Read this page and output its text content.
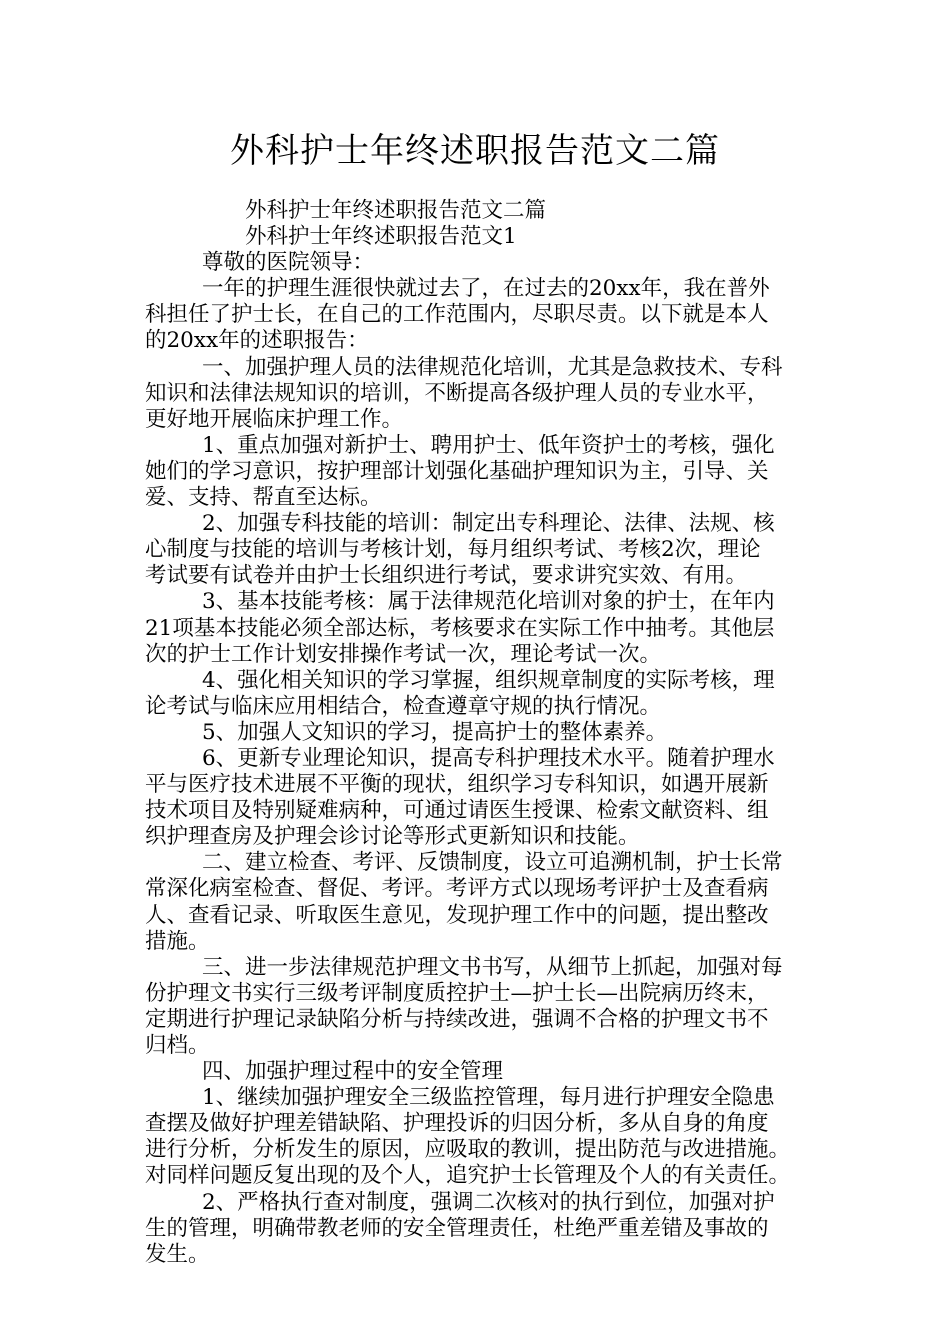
外科护士年终述职报告范文二篇
外科护士年终述职报告范文二篇
外科护士年终述职报告范文1
尊敬的医院领导：
一年的护理生涯很快就过去了，在过去的20xx年，我在普外
科担任了护士长，在自己的工作范围内，尽职尽责。以下就是本人
的20xx年的述职报告：
一、加强护理人员的法律规范化培训，尤其是急救技术、专科
知识和法律法规知识的培训，不断提高各级护理人员的专业水平，
更好地开展临床护理工作。
1、重点加强对新护士、聘用护士、低年资护士的考核，强化
她们的学习意识，按护理部计划强化基础护理知识为主，引导、关
爱、支持、帮直至达标。
2、加强专科技能的培训：制定出专科理论、法律、法规、核
心制度与技能的培训与考核计划，每月组织考试、考核2次，理论
考试要有试卷并由护士长组织进行考试，要求讲究实效、有用。
3、基本技能考核：属于法律规范化培训对象的护士，在年内
21项基本技能必须全部达标，考核要求在实际工作中抽考。其他层
次的护士工作计划安排操作考试一次，理论考试一次。
4、强化相关知识的学习掌握，组织规章制度的实际考核，理
论考试与临床应用相结合，检查遵章守规的执行情况。
5、加强人文知识的学习，提高护士的整体素养。
6、更新专业理论知识，提高专科护理技术水平。随着护理水
平与医疗技术进展不平衡的现状，组织学习专科知识，如遇开展新
技术项目及特别疑难病种，可通过请医生授课、检索文献资料、组
织护理查房及护理会诊讨论等形式更新知识和技能。
二、建立检查、考评、反馈制度，设立可追溯机制，护士长常
常深化病室检查、督促、考评。考评方式以现场考评护士及查看病
人、查看记录、听取医生意见，发现护理工作中的问题，提出整改
措施。
三、进一步法律规范护理文书书写，从细节上抓起，加强对每
份护理文书实行三级考评制度质控护士—护士长—出院病历终末，
定期进行护理记录缺陷分析与持续改进，强调不合格的护理文书不
归档。
四、加强护理过程中的安全管理
1、继续加强护理安全三级监控管理，每月进行护理安全隐患
查摆及做好护理差错缺陷、护理投诉的归因分析，多从自身的角度
进行分析，分析发生的原因，应吸取的教训，提出防范与改进措施。
对同样问题反复出现的及个人，追究护士长管理及个人的有关责任。
2、严格执行查对制度，强调二次核对的执行到位，加强对护
生的管理，明确带教老师的安全管理责任，杜绝严重差错及事故的
发生。
